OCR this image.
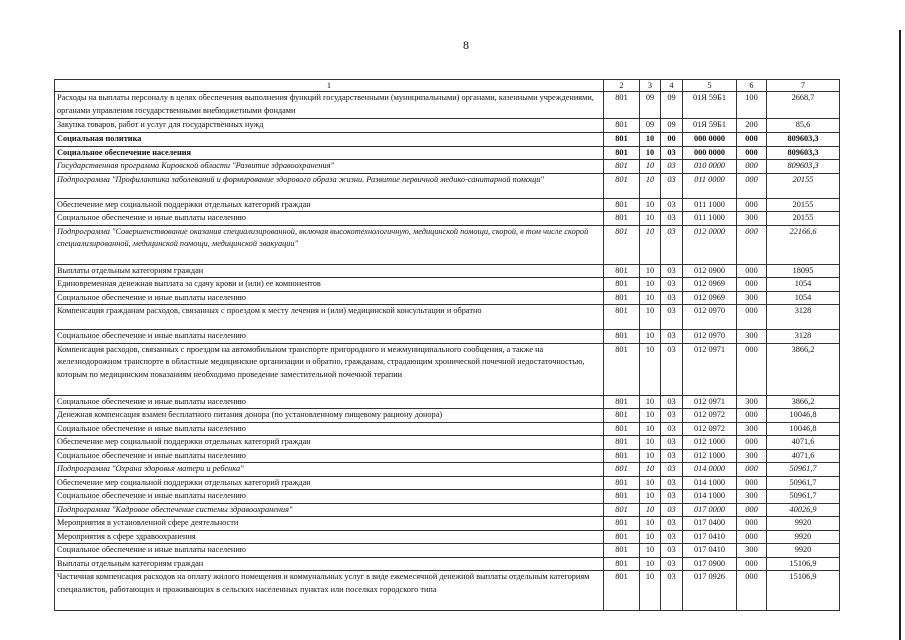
8
1	2	3	4	5	6	7
Расходы на выплаты персоналу в целях обеспечения выполнения функций государственными (муниципальными) органами, казенными учреждениями, органами управления государственными внебюджетными фондами	801	09	09	01Я 59Б1	100	2668,7
Закупка товаров, работ и услуг для государственных нужд	801	09	09	01Я 59Б1	200	85,6
Социальная политика	801	10	00	000 0000	000	809603,3
Социальное обеспечение населения	801	10	03	000 0000	000	809603,3
Государственная программа Кировской области "Развитие здравоохранения"	801	10	03	010 0000	000	809603,3
Подпрограмма "Профилактика заболеваний и формирование здорового образа жизни. Развитие первичной медико-санитарной помощи"	801	10	03	011 0000	000	20155
Обеспечение мер социальной поддержки отдельных категорий граждан	801	10	03	011 1000	000	20155
Социальное обеспечение и иные выплаты населению	801	10	03	011 1000	300	20155
Подпрограмма "Совершенствование оказания специализированной, включая высокотехнологичную, медицинской помощи, скорой, в том числе скорой специализированной, медицинской помощи, медицинской эвакуации"	801	10	03	012 0000	000	22166,6
Выплаты отдельным категориям граждан	801	10	03	012 0900	000	18095
Единовременная денежная выплата за сдачу крови и (или) ее компонентов	801	10	03	012 0969	000	1054
Социальное обеспечение и иные выплаты населению	801	10	03	012 0969	300	1054
Компенсация гражданам расходов, связанных с проездом к месту лечения и (или) медицинской консультации и обратно	801	10	03	012 0970	000	3128
Социальное обеспечение и иные выплаты населению	801	10	03	012 0970	300	3128
Компенсация расходов, связанных с проездом на автомобильном транспорте пригородного и межмуниципального сообщения, а также на железнодорожном транспорте в областные медицинские организации и обратно, гражданам, страдающим хронической почечной недостаточностью, которым по медицинским показаниям необходимо проведение заместительной почечной терапии	801	10	03	012 0971	000	3866,2
Социальное обеспечение и иные выплаты населению	801	10	03	012 0971	300	3866,2
Денежная компенсация взамен бесплатного питания донора (по установленному пищевому рациону донора)	801	10	03	012 0972	000	10046,8
Социальное обеспечение и иные выплаты населению	801	10	03	012 0972	300	10046,8
Обеспечение мер социальной поддержки отдельных категорий граждан	801	10	03	012 1000	000	4071,6
Социальное обеспечение и иные выплаты населению	801	10	03	012 1000	300	4071,6
Подпрограмма "Охрана здоровья матери и ребенка"	801	10	03	014 0000	000	50961,7
Обеспечение мер социальной поддержки отдельных категорий граждан	801	10	03	014 1000	000	50961,7
Социальное обеспечение и иные выплаты населению	801	10	03	014 1000	300	50961,7
Подпрограмма "Кадровое обеспечение системы здравоохранения"	801	10	03	017 0000	000	40026,9
Мероприятия в установленной сфере деятельности	801	10	03	017 0400	000	9920
Мероприятия в сфере здравоохранения	801	10	03	017 0410	000	9920
Социальное обеспечение и иные выплаты населению	801	10	03	017 0410	300	9920
Выплаты отдельным категориям граждан	801	10	03	017 0900	000	15106,9
Частичная компенсация расходов на оплату жилого помещения и коммунальных услуг в виде ежемесячной денежной выплаты отдельным категориям специалистов, работающих и проживающих в сельских населенных пунктах или поселках городского типа	801	10	03	017 0926	000	15106,9
